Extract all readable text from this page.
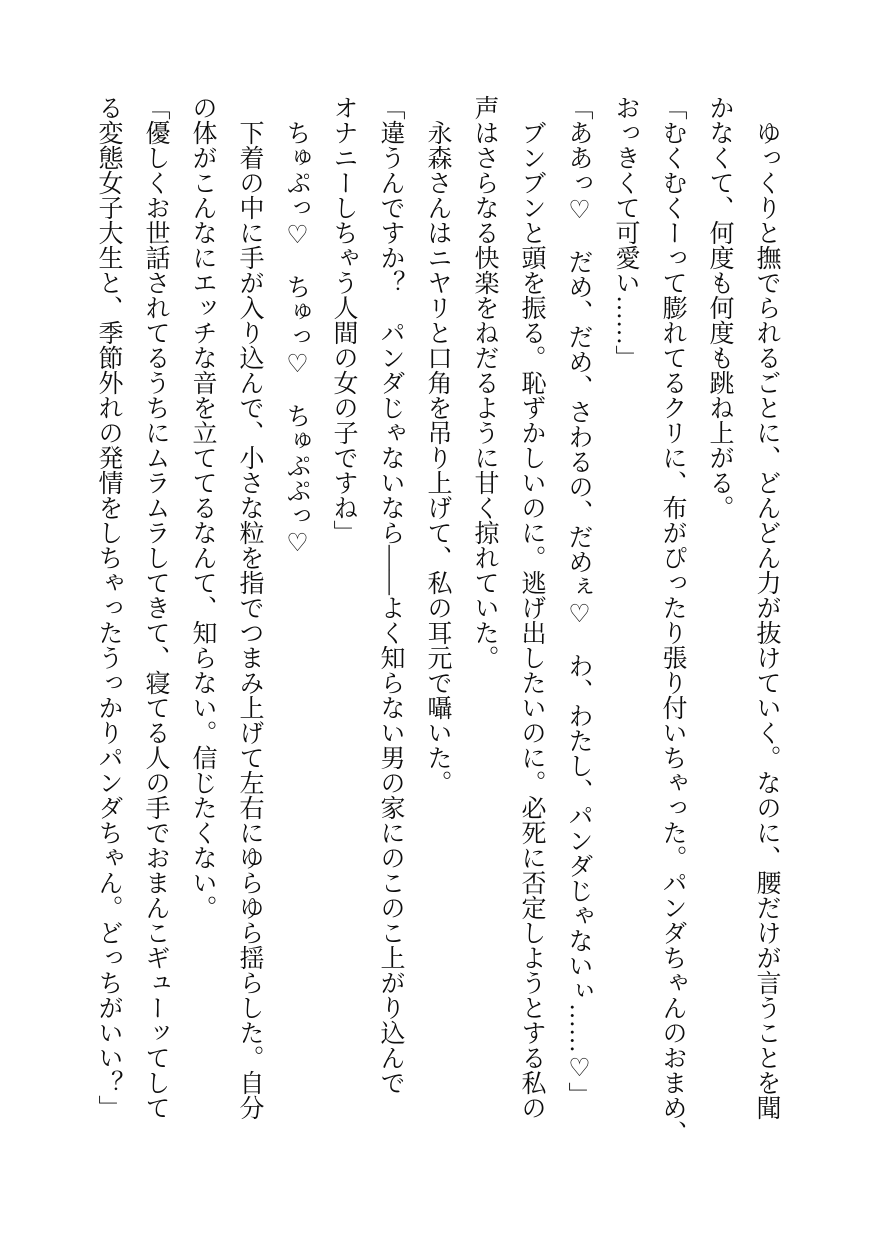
ゆっくりと撫でられるごとに、どんどん力が抜けていく。なのに、腰だけが言うことを聞

かなくて、何度も何度も跳ね上がる。

「むくむくーって膨れてるクリに、布がぴったり張り付いちゃった。パンダちゃんのおまめ、

おっきくて可愛い……」

「ああっ♡　だめ、だめ、さわるの、だめぇ♡　わ、わたし、パンダじゃないぃ……♡」

ブンブンと頭を振る。恥ずかしいのに。逃げ出したいのに。必死に否定しようとする私の

声はさらなる快楽をねだるように甘く掠れていた。

永森さんはニヤリと口角を吊り上げて、私の耳元で囁いた。

「違うんですか？　パンダじゃないなら――よく知らない男の家にのこのこ上がり込んで

オナニーしちゃう人間の女の子ですね」

ちゅぷっ♡　ちゅっ♡　ちゅぷぷっ♡

下着の中に手が入り込んで、小さな粒を指でつまみ上げて左右にゆらゆら揺らした。自分

の体がこんなにエッチな音を立ててるなんて、知らない。信じたくない。

「優しくお世話されてるうちにムラムラしてきて、寝てる人の手でおまんこギューッてして

る変態女子大生と、季節外れの発情をしちゃったうっかりパンダちゃん。どっちがいい？」
